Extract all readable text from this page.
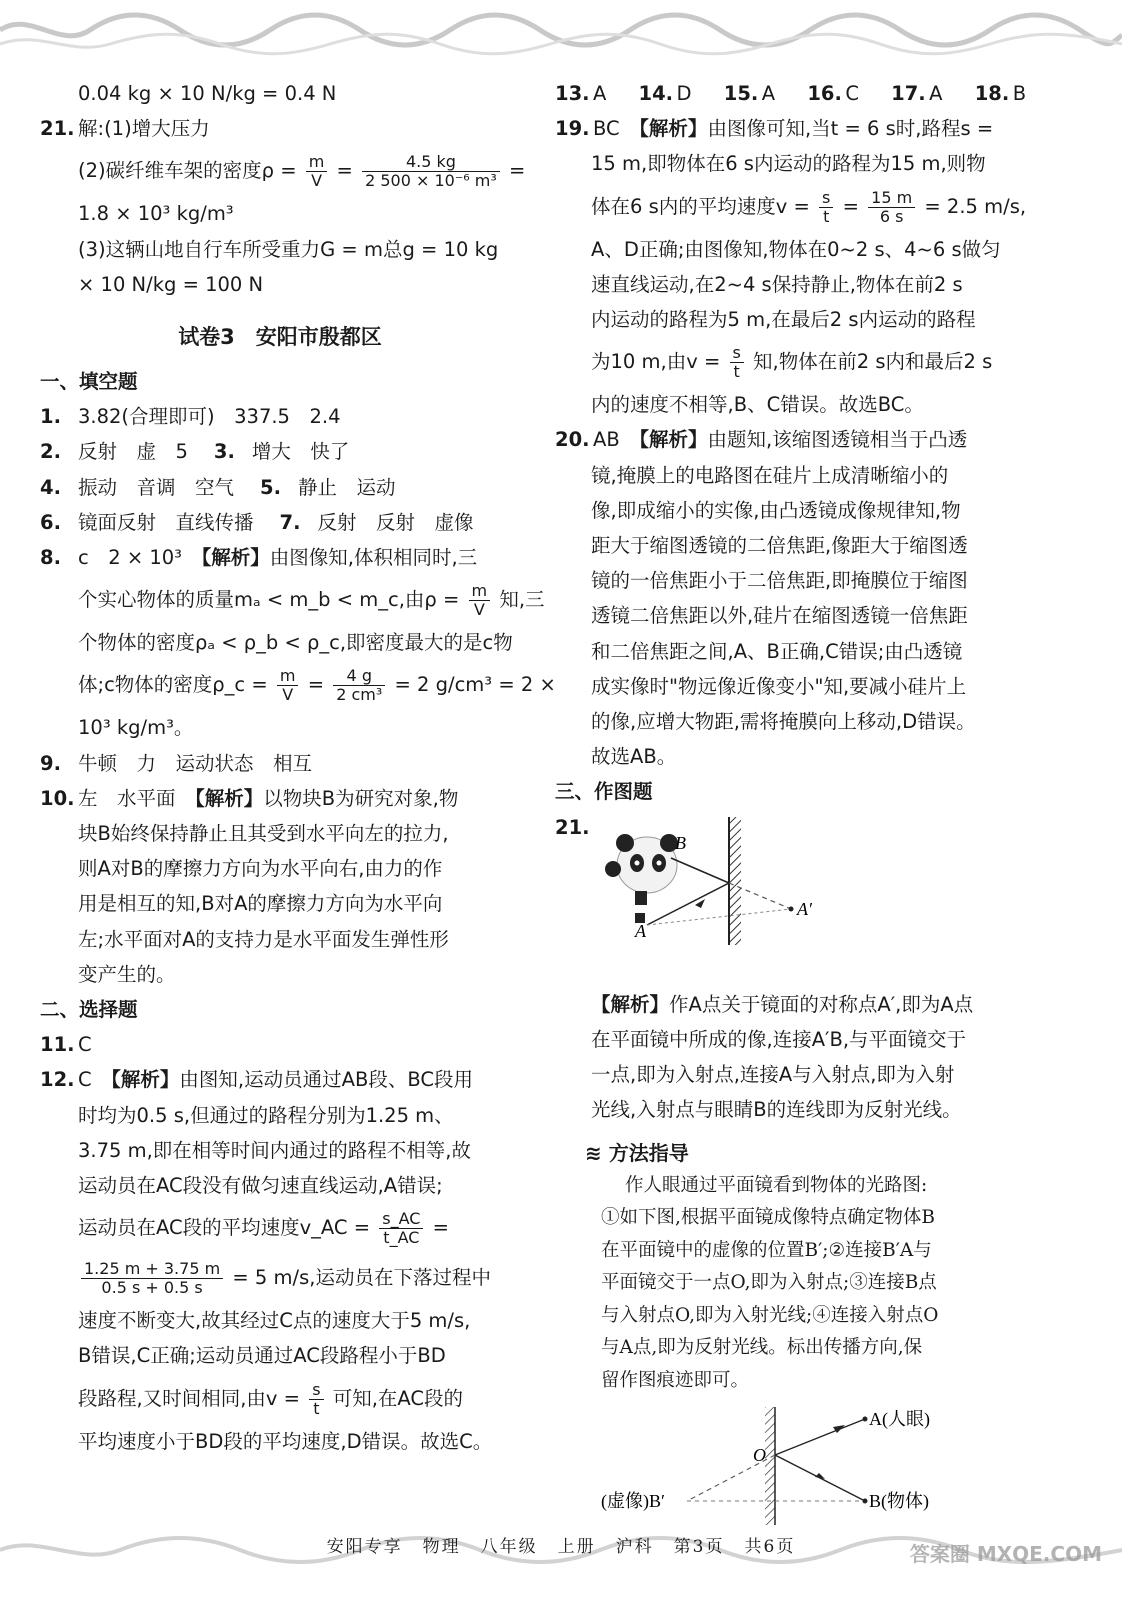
0.04 kg × 10 N/kg = 0.4 N
21. 解:(1)增大压力
(2)碳纤维车架的密度$\rho = \frac{m}{V} = \frac{4.5 kg}{\text{2 500 × 10⁻⁶ m³}}$ =
1.8 × 10³ kg/m³
(3)这辆山地自行车所受重力G = m总g = 10 kg
× 10 N/kg = 100 N
试卷3　安阳市殷都区
一、填空题
1. 3.82(合理即可)　337.5　2.4
2. 反射　虚　5 3. 增大　快了
4. 振动　音调　空气 5. 静止　运动
6. 镜面反射　直线传播 7. 反射　反射　虚像
8. c　2 × 10³　 【解析】由图像知,体积相同时,三
个实心物体的质量mₐ < m_b < m_c,由$\rho = \frac{m}{V}$ 知,三
个物体的密度ρₐ < ρ_b < ρ_c,即密度最大的是c物
体;c物体的密度ρ_c = $\frac{m}{V} = \frac{4 g}{\text{2 cm³}} = 2$ g/cm³ = 2 ×
10³ kg/m³。
9. 牛顿　力　运动状态　相互
10. 左　水平面　 【解析】以物块B为研究对象,物
块B始终保持静止且其受到水平向左的拉力,
则A对B的摩擦力方向为水平向右,由力的作
用是相互的知,B对A的摩擦力方向为水平向
左;水平面对A的支持力是水平面发生弹性形
变产生的。
二、选择题
11. C
12. C　 【解析】由图知,运动员通过AB段、BC段用
时均为0.5 s,但通过的路程分别为1.25 m、
3.75 m,即在相等时间内通过的路程不相等,故
运动员在AC段没有做匀速直线运动,A错误;
运动员在AC段的平均速度v_AC = $\frac{s\_AC}{t\_AC}$ =
$\frac{1.25 m + 3.75 m}{0.5 s + 0.5 s} = 5$ m/s,运动员在下落过程中
速度不断变大,故其经过C点的速度大于5 m/s,
B错误,C正确;运动员通过AC段路程小于BD
段路程,又时间相同,由$v = \frac{s}{t}$ 可知,在AC段的
平均速度小于BD段的平均速度,D错误。故选C。
13. A 14. D 15. A 16. C 17. A 18. B
19. BC　 【解析】由图像可知,当t = 6 s时,路程s =
15 m,即物体在6 s内运动的路程为15 m,则物
体在6 s内的平均速度$v = \frac{s}{t} = \frac{15 m}{6 s} = 2.5$ m/s,
A、D正确;由图像知,物体在0~2 s、4~6 s做匀
速直线运动,在2~4 s保持静止,物体在前2 s
内运动的路程为5 m,在最后2 s内运动的路程
为10 m,由$v = \frac{s}{t}$ 知,物体在前2 s内和最后2 s
内的速度不相等,B、C错误。故选BC。
20. AB　 【解析】由题知,该缩图透镜相当于凸透
镜,掩膜上的电路图在硅片上成清晰缩小的
像,即成缩小的实像,由凸透镜成像规律知,物
距大于缩图透镜的二倍焦距,像距大于缩图透
镜的一倍焦距小于二倍焦距,即掩膜位于缩图
透镜二倍焦距以外,硅片在缩图透镜一倍焦距
和二倍焦距之间,A、B正确,C错误;由凸透镜
成实像时"物远像近像变小"知,要减小硅片上
的像,应增大物距,需将掩膜向上移动,D错误。
故选AB。
三、作图题
21.
B
A
A′
【解析】作A点关于镜面的对称点A′,即为A点
在平面镜中所成的像,连接A′B,与平面镜交于
一点,即为入射点,连接A与入射点,即为入射
光线,入射点与眼睛B的连线即为反射光线。
≋ 方法指导
作人眼通过平面镜看到物体的光路图:
①如下图,根据平面镜成像特点确定物体B
在平面镜中的虚像的位置B′;②连接B′A与
平面镜交于一点O,即为入射点;③连接B点
与入射点O,即为入射光线;④连接入射点O
与A点,即为反射光线。标出传播方向,保
留作图痕迹即可。
A(人眼)
O
(虚像)B′	B(物体)
安阳专享 物理 八年级 上册 沪科 第3页 共6页	答案圈 MXQE.COM
